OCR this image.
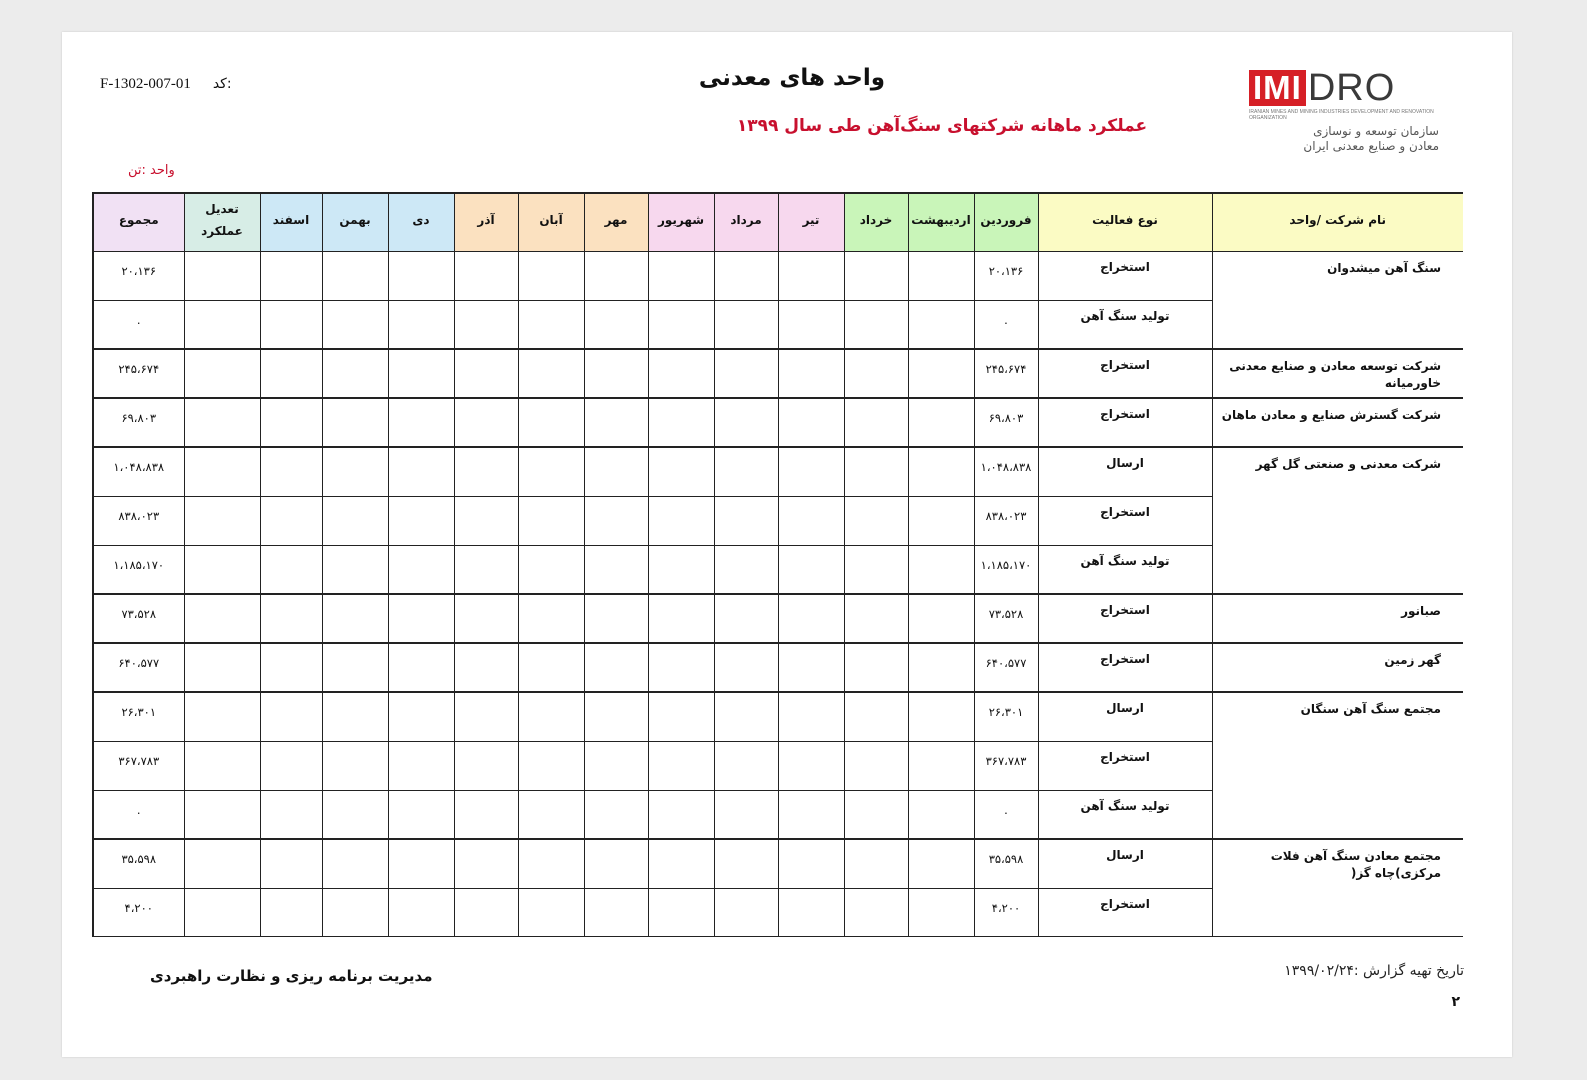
F-1302-007-01 کد:	واحد های معدنی
عملکرد ماهانه شرکتهای سنگ‌آهن طی سال ۱۳۹۹
واحد :تن
IMI DRO
IRANIAN MINES AND MINING INDUSTRIES DEVELOPMENT AND RENOVATION ORGANIZATION
سازمان توسعه و نوسازی
معادن و صنایع معدنی ایران
نام شرکت /واحد	نوع فعالیت	فروردین	اردیبهشت	خرداد	تیر	مرداد	شهریور	مهر	آبان	آذر	دی	بهمن	اسفند	تعدیل عملکرد	مجموع
سنگ آهن میشدوان	استخراج	۲۰،۱۳۶													۲۰،۱۳۶
	تولید سنگ آهن	.													.
شرکت توسعه معادن و صنایع معدنی خاورمیانه	استخراج	۲۴۵،۶۷۴													۲۴۵،۶۷۴
شرکت گسترش صنایع و معادن ماهان	استخراج	۶۹،۸۰۳													۶۹،۸۰۳
شرکت معدنی و صنعتی گل گهر	ارسال	۱،۰۴۸،۸۳۸													۱،۰۴۸،۸۳۸
	استخراج	۸۳۸،۰۲۳													۸۳۸،۰۲۳
	تولید سنگ آهن	۱،۱۸۵،۱۷۰													۱،۱۸۵،۱۷۰
صبانور	استخراج	۷۳،۵۲۸													۷۳،۵۲۸
گهر زمین	استخراج	۶۴۰،۵۷۷													۶۴۰،۵۷۷
مجتمع سنگ آهن سنگان	ارسال	۲۶،۳۰۱													۲۶،۳۰۱
	استخراج	۳۶۷،۷۸۳													۳۶۷،۷۸۳
	تولید سنگ آهن	.													.
مجتمع معادن سنگ آهن فلات مرکزی)چاه گز(	ارسال	۳۵،۵۹۸													۳۵،۵۹۸
	استخراج	۴،۲۰۰													۴،۲۰۰
مدیریت برنامه ریزی و نظارت راهبردی	تاریخ تهیه گزارش :۱۳۹۹/۰۲/۲۴
۲
